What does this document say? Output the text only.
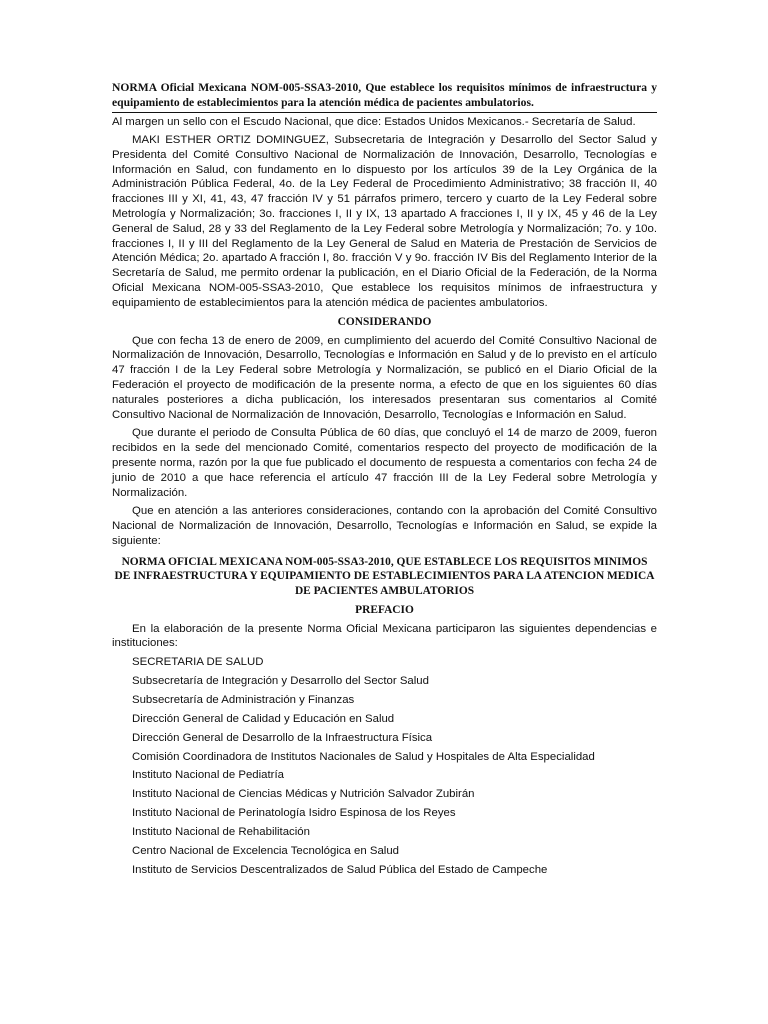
NORMA Oficial Mexicana NOM-005-SSA3-2010, Que establece los requisitos mínimos de infraestructura y equipamiento de establecimientos para la atención médica de pacientes ambulatorios.
Al margen un sello con el Escudo Nacional, que dice: Estados Unidos Mexicanos.- Secretaría de Salud.

MAKI ESTHER ORTIZ DOMINGUEZ, Subsecretaria de Integración y Desarrollo del Sector Salud y Presidenta del Comité Consultivo Nacional de Normalización de Innovación, Desarrollo, Tecnologías e Información en Salud, con fundamento en lo dispuesto por los artículos 39 de la Ley Orgánica de la Administración Pública Federal, 4o. de la Ley Federal de Procedimiento Administrativo; 38 fracción II, 40 fracciones III y XI, 41, 43, 47 fracción IV y 51 párrafos primero, tercero y cuarto de la Ley Federal sobre Metrología y Normalización; 3o. fracciones I, II y IX, 13 apartado A fracciones I, II y IX, 45 y 46 de la Ley General de Salud, 28 y 33 del Reglamento de la Ley Federal sobre Metrología y Normalización; 7o. y 10o. fracciones I, II y III del Reglamento de la Ley General de Salud en Materia de Prestación de Servicios de Atención Médica; 2o. apartado A fracción I, 8o. fracción V y 9o. fracción IV Bis del Reglamento Interior de la Secretaría de Salud, me permito ordenar la publicación, en el Diario Oficial de la Federación, de la Norma Oficial Mexicana NOM-005-SSA3-2010, Que establece los requisitos mínimos de infraestructura y equipamiento de establecimientos para la atención médica de pacientes ambulatorios.

CONSIDERANDO

Que con fecha 13 de enero de 2009, en cumplimiento del acuerdo del Comité Consultivo Nacional de Normalización de Innovación, Desarrollo, Tecnologías e Información en Salud y de lo previsto en el artículo 47 fracción I de la Ley Federal sobre Metrología y Normalización, se publicó en el Diario Oficial de la Federación el proyecto de modificación de la presente norma, a efecto de que en los siguientes 60 días naturales posteriores a dicha publicación, los interesados presentaran sus comentarios al Comité Consultivo Nacional de Normalización de Innovación, Desarrollo, Tecnologías e Información en Salud.

Que durante el periodo de Consulta Pública de 60 días, que concluyó el 14 de marzo de 2009, fueron recibidos en la sede del mencionado Comité, comentarios respecto del proyecto de modificación de la presente norma, razón por la que fue publicado el documento de respuesta a comentarios con fecha 24 de junio de 2010 a que hace referencia el artículo 47 fracción III de la Ley Federal sobre Metrología y Normalización.

Que en atención a las anteriores consideraciones, contando con la aprobación del Comité Consultivo Nacional de Normalización de Innovación, Desarrollo, Tecnologías e Información en Salud, se expide la siguiente:

NORMA OFICIAL MEXICANA NOM-005-SSA3-2010, QUE ESTABLECE LOS REQUISITOS MINIMOS
DE INFRAESTRUCTURA Y EQUIPAMIENTO DE ESTABLECIMIENTOS PARA LA ATENCION MEDICA
DE PACIENTES AMBULATORIOS
PREFACIO

En la elaboración de la presente Norma Oficial Mexicana participaron las siguientes dependencias e instituciones:

SECRETARIA DE SALUD
Subsecretaría de Integración y Desarrollo del Sector Salud
Subsecretaría de Administración y Finanzas
Dirección General de Calidad y Educación en Salud
Dirección General de Desarrollo de la Infraestructura Física
Comisión Coordinadora de Institutos Nacionales de Salud y Hospitales de Alta Especialidad
Instituto Nacional de Pediatría
Instituto Nacional de Ciencias Médicas y Nutrición Salvador Zubirán
Instituto Nacional de Perinatología Isidro Espinosa de los Reyes
Instituto Nacional de Rehabilitación
Centro Nacional de Excelencia Tecnológica en Salud
Instituto de Servicios Descentralizados de Salud Pública del Estado de Campeche
